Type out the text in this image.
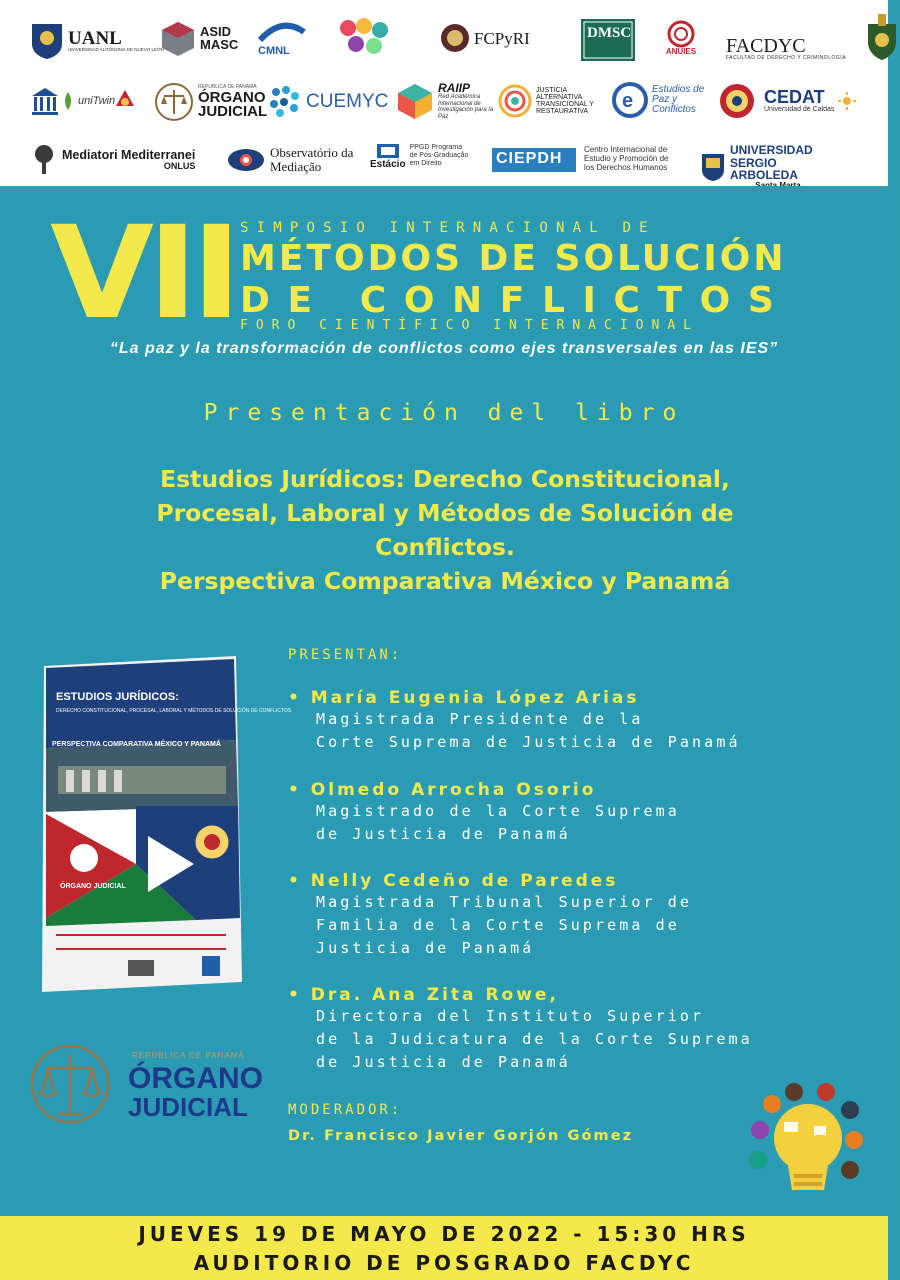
UANL
UNIVERSIDAD AUTÓNOMA DE NUEVO LEÓN
ASID MASC CMNL
FCPyRI	DMSC
ANUIES FACDYC
FACULTAD DE DERECHO Y CRIMINOLOGÍA
uniTwin
REPÚBLICA DE PANAMÁ
ÓRGANO JUDICIAL CUEMYC
RAIIP
Red Académica Internacional de Investigación para la Paz
JUSTICIA ALTERNATIVA TRANSICIONAL Y RESTAURATIVA	e
Estudios de Paz y Conflictos
CEDAT
Universidad de Caldas
Mediatori Mediterranei
ONLUS
Observatório da Mediação	Estácio
PPGD Programa de Pós-Graduação em Direito	CIEPDH
Centro Internacional de Estudio y Promoción de los Derechos Humanos
UNIVERSIDAD SERGIO ARBOLEDA
VII SIMPOSIO INTERNACIONAL DE
MÉTODOS DE SOLUCIÓN
DE CONFLICTOS
FORO CIENTÍFICO INTERNACIONAL
“La paz y la transformación de conflictos como ejes transversales en las IES”
Presentación del libro
Estudios Jurídicos: Derecho Constitucional,
Procesal, Laboral y Métodos de Solución de
Conflictos.
Perspectiva Comparativa México y Panamá
ESTUDIOS JURÍDICOS:
DERECHO CONSTITUCIONAL, PROCESAL, LABORAL Y MÉTODOS DE SOLUCIÓN DE CONFLICTOS
PERSPECTIVA COMPARATIVA MÉXICO Y PANAMÁ
ÓRGANO JUDICIAL
PRESENTAN:
• María Eugenia López Arias
Magistrada Presidente de la
Corte Suprema de Justicia de Panamá
• Olmedo Arrocha Osorio
Magistrado de la Corte Suprema
de Justicia de Panamá
• Nelly Cedeño de Paredes
Magistrada Tribunal Superior de
Familia de la Corte Suprema de
Justicia de Panamá
• Dra. Ana Zita Rowe,
Directora del Instituto Superior
de la Judicatura de la Corte Suprema
de Justicia de Panamá
MODERADOR:
Dr. Francisco Javier Gorjón Gómez
REPÚBLICA DE PANAMÁ
ÓRGANO
JUDICIAL
JUEVES 19 DE MAYO DE 2022 - 15:30 HRS
AUDITORIO DE POSGRADO FACDYC
